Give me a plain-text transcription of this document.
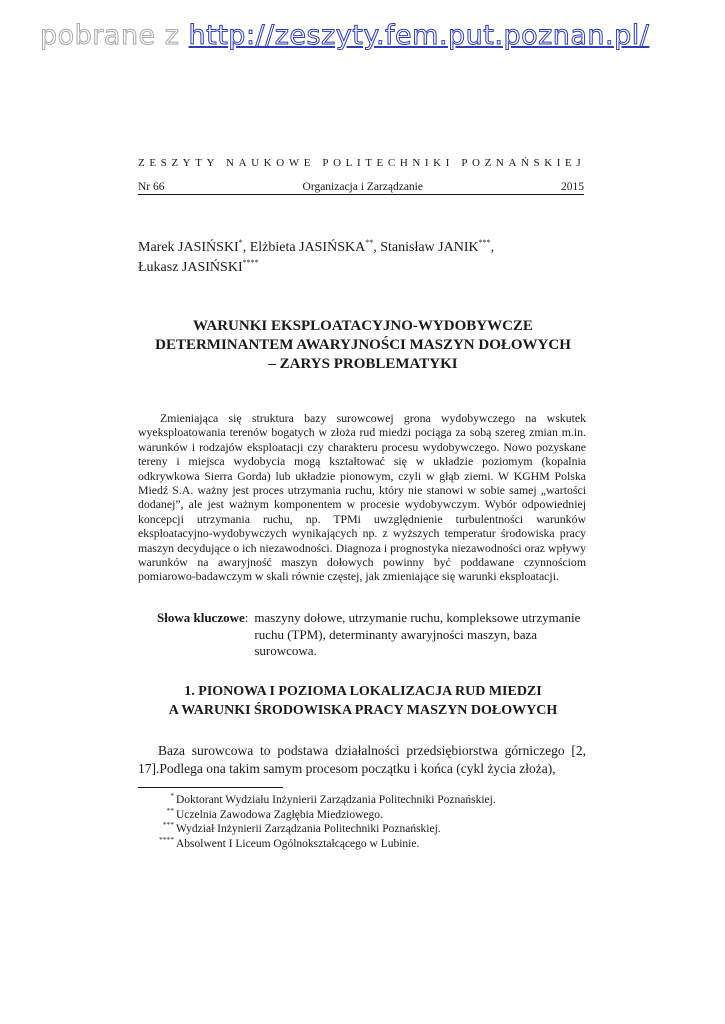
pobrane z http://zeszyty.fem.put.poznan.pl/
ZESZYTY NAUKOWE POLITECHNIKI POZNAŃSKIEJ
Nr 66	Organizacja i Zarządzanie	2015
Marek JASIŃSKI*, Elżbieta JASIŃSKA**, Stanisław JANIK***,
Łukasz JASIŃSKI****
WARUNKI EKSPLOATACYJNO-WYDOBYWCZE
DETERMINANTEM AWARYJNOŚCI MASZYN DOŁOWYCH
– ZARYS PROBLEMATYKI

Zmieniająca się struktura bazy surowcowej grona wydobywczego na wskutek wyeksploatowania terenów bogatych w złoża rud miedzi pociąga za sobą szereg zmian m.in. warunków i rodzajów eksploatacji czy charakteru procesu wydobywczego. Nowo pozyskane tereny i miejsca wydobycia mogą kształtować się w układzie poziomym (kopalnia odkrywkowa Sierra Gorda) lub układzie pionowym, czyli w głąb ziemi. W KGHM Polska Miedź S.A. ważny jest proces utrzymania ruchu, który nie stanowi w sobie samej „wartości dodanej”, ale jest ważnym komponentem w procesie wydobywczym. Wybór odpowiedniej koncepcji utrzymania ruchu, np. TPMi uwzględnienie turbulentności warunków eksploatacyjno-wydobywczych wynikających np. z wyższych temperatur środowiska pracy maszyn decydujące o ich niezawodności. Diagnoza i prognostyka niezawodności oraz wpływy warunków na awaryjność maszyn dołowych powinny być poddawane czynnościom pomiarowo-badawczym w skali równie częstej, jak zmieniające się warunki eksploatacji.

Słowa kluczowe : maszyny dołowe, utrzymanie ruchu, kompleksowe utrzymanie ruchu (TPM), determinanty awaryjności maszyn, baza surowcowa.
1. PIONOWA I POZIOMA LOKALIZACJA RUD MIEDZI
A WARUNKI ŚRODOWISKA PRACY MASZYN DOŁOWYCH

Baza surowcowa to podstawa działalności przedsiębiorstwa górniczego [2, 17].Podlega ona takim samym procesom początku i końca (cykl życia złoża),

* Doktorant Wydziału Inżynierii Zarządzania Politechniki Poznańskiej.
** Uczelnia Zawodowa Zagłębia Miedziowego.
*** Wydział Inżynierii Zarządzania Politechniki Poznańskiej.
**** Absolwent I Liceum Ogólnokształcącego w Lubinie.
